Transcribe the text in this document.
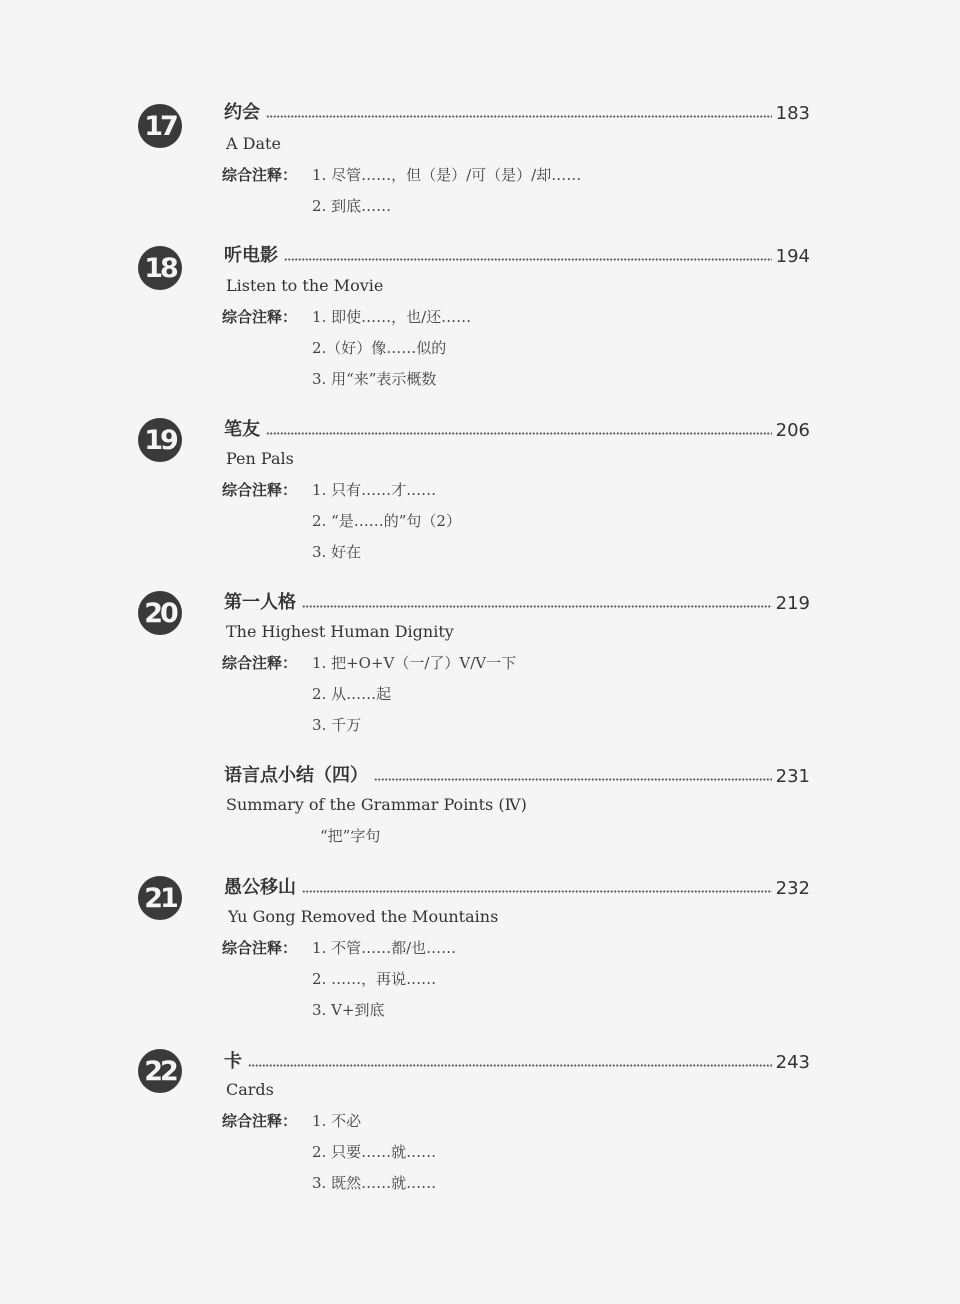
17	约会	183
A Date
综合注释： 1. 尽管……，但（是）/可（是）/却……
2. 到底……
18	听电影	194
Listen to the Movie
综合注释： 1. 即使……，也/还……
2.（好）像……似的
3. 用“来”表示概数
19	笔友	206
Pen Pals
综合注释： 1. 只有……才……
2. “是……的”句（2）
3. 好在
20	第一人格	219
The Highest Human Dignity
综合注释： 1. 把+O+V（一/了）V/V一下
2. 从……起
3. 千万
语言点小结（四）	231
Summary of the Grammar Points (Ⅳ)
“把”字句
21	愚公移山	232
Yu Gong Removed the Mountains
综合注释： 1. 不管……都/也……
2. ……，再说……
3. V+到底
22	卡	243
Cards
综合注释： 1. 不必
2. 只要……就……
3. 既然……就……
